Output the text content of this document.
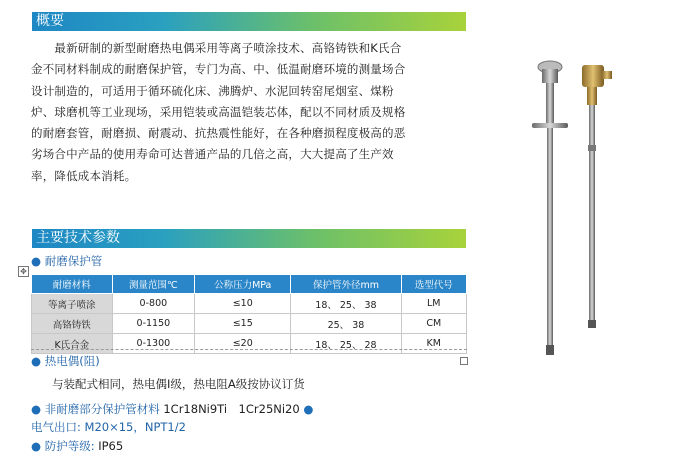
概要

　　最新研制的新型耐磨热电偶采用等离子喷涂技术、高铬铸铁和K氏合

金不同材料制成的耐磨保护管，专门为高、中、低温耐磨环境的测量场合

设计制造的，可适用于循环硫化床、沸腾炉、水泥回转窑尾烟室、煤粉

炉、球磨机等工业现场，采用铠装或高温铠装芯体，配以不同材质及规格

的耐磨套管，耐磨损、耐震动、抗热震性能好，在各种磨损程度极高的恶

劣场合中产品的使用寿命可达普通产品的几倍之高，大大提高了生产效

率，降低成本消耗。

主要技术参数
● 耐磨保护管
✥
耐磨材料	测量范围℃	公称压力MPa	保护管外径mm	选型代号
等离子喷涂	0-800	≤10	18、 25、 38	LM
高铬铸铁	0-1150	≤15	25、 38	CM
K氏合金	0-1300	≤20	18、 25、 28	KM
● 热电偶(阻)
与装配式相同，热电偶Ⅰ级，热电阻A级按协议订货
● 非耐磨部分保护管材料 1Cr18Ni9Ti　1Cr25Ni20 ●
电气出口: M20×15，NPT1/2
● 防护等级: IP65
